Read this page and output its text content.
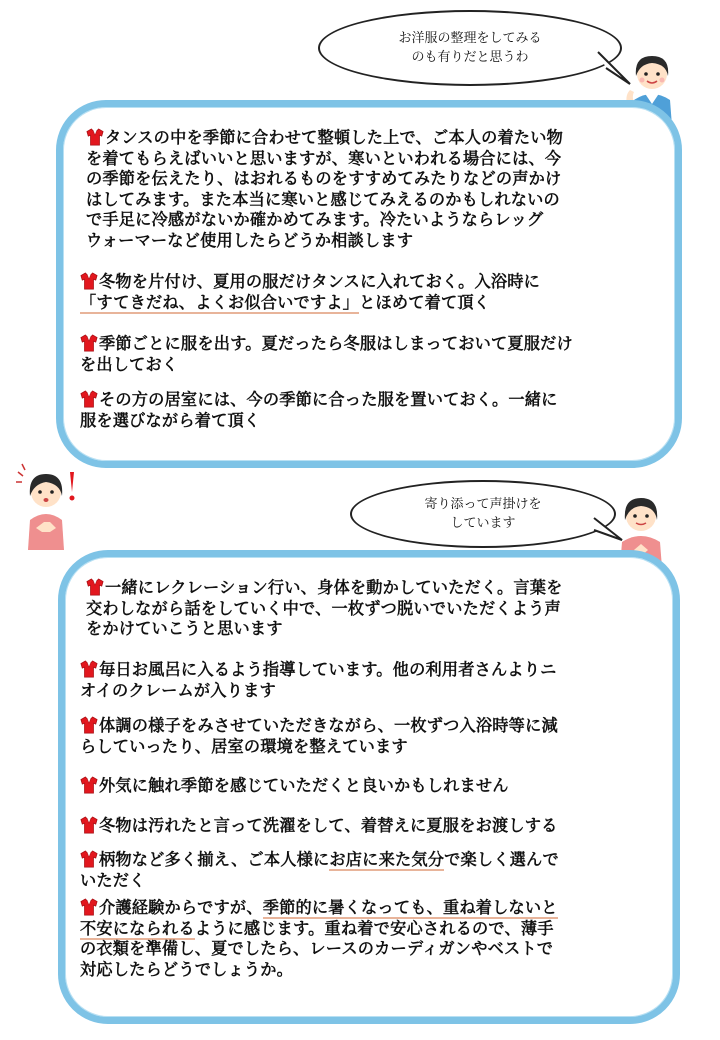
お洋服の整理をしてみる
のも有りだと思うわ
タンスの中を季節に合わせて整頓した上で、ご本人の着たい物
を着てもらえばいいと思いますが、寒いといわれる場合には、今
の季節を伝えたり、はおれるものをすすめてみたりなどの声かけ
はしてみます。また本当に寒いと感じてみえるのかもしれないの
で手足に冷感がないか確かめてみます。冷たいようならレッグ
ウォーマーなど使用したらどうか相談します
冬物を片付け、夏用の服だけタンスに入れておく。入浴時に
「すてきだね、よくお似合いですよ」とほめて着て頂く
季節ごとに服を出す。夏だったら冬服はしまっておいて夏服だけ
を出しておく
その方の居室には、今の季節に合った服を置いておく。一緒に
服を選びながら着て頂く
寄り添って声掛けを
しています
一緒にレクレーション行い、身体を動かしていただく。言葉を
交わしながら話をしていく中で、一枚ずつ脱いでいただくよう声
をかけていこうと思います
毎日お風呂に入るよう指導しています。他の利用者さんよりニ
オイのクレームが入ります
体調の様子をみさせていただきながら、一枚ずつ入浴時等に減
らしていったり、居室の環境を整えています
外気に触れ季節を感じていただくと良いかもしれません
冬物は汚れたと言って洗濯をして、着替えに夏服をお渡しする
柄物など多く揃え、ご本人様にお店に来た気分で楽しく選んで
いただく
介護経験からですが、季節的に暑くなっても、重ね着しないと
不安になられるように感じます。重ね着で安心されるので、薄手
の衣類を準備し、夏でしたら、レースのカーディガンやベストで
対応したらどうでしょうか。
